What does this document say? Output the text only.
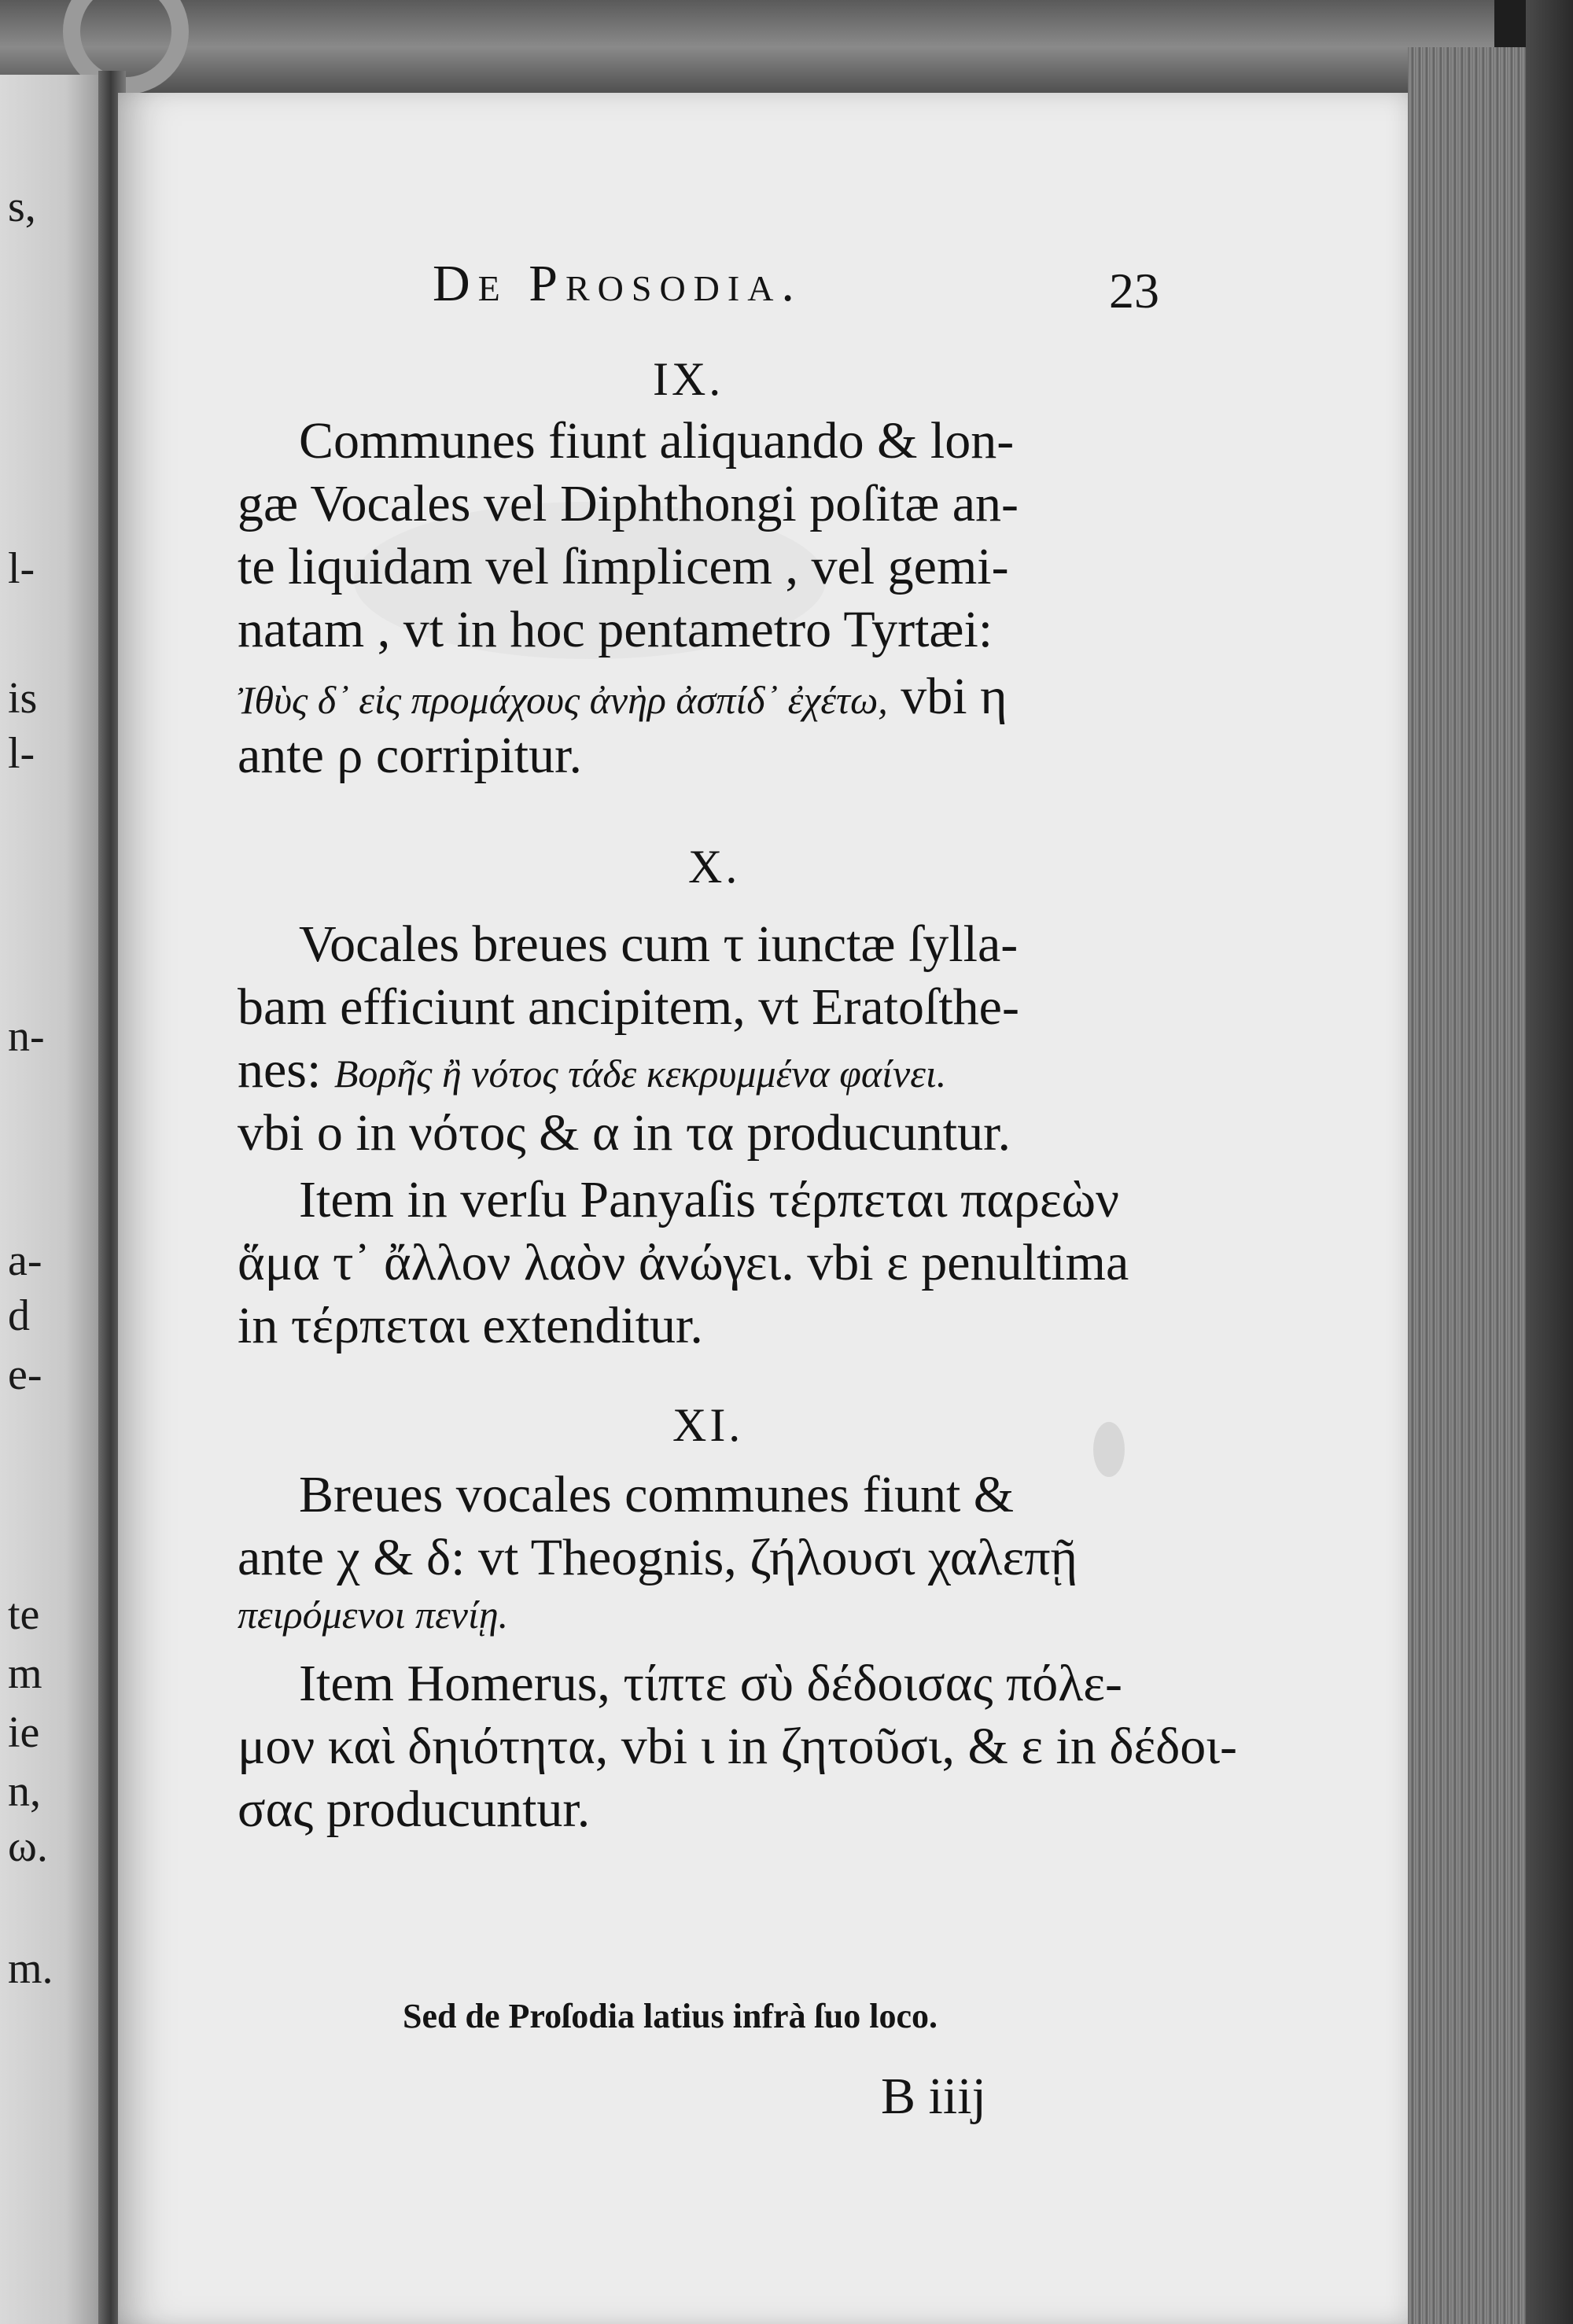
s,
l-
is
l-
n-
a-
d
e-
te
m
ie
n,
ω.
m.
De Prosodia.	23
IX.
Communes fiunt aliquando & lon-
gæ Vocales vel Diphthongi poſitæ an-
te liquidam vel ſimplicem , vel gemi-
natam , vt in hoc pentametro Tyrtæi:
Ἰθὺς δ᾽ εἰς προμάχους ἀνὴρ ἀσπίδ᾽ ἐχέτω, vbi η
ante ρ corripitur.
X.
Vocales breues cum τ iunctæ ſylla-
bam efficiunt ancipitem, vt Eratoſthe-
nes: Βορῆς ἢ νότος τάδε κεκρυμμένα φαίνει.
vbi ο in νότος & α in τα producuntur.
Item in verſu Panyaſis τέρπεται παρεὼν
ἅμα τ᾽ ἄλλον λαὸν ἀνώγει. vbi ε penultima
in τέρπεται extenditur.
XI.
Breues vocales communes fiunt &
ante χ & δ: vt Theognis, ζήλουσι χαλεπῇ
πειρόμενοι πενίῃ.
Item Homerus, τίπτε σὺ δέδοισας πόλε-
μον καὶ δηιότητα, vbi ι in ζητοῦσι, & ε in δέδοι-
σας producuntur.
Sed de Proſodia latius infrà ſuo loco.
B iiij
